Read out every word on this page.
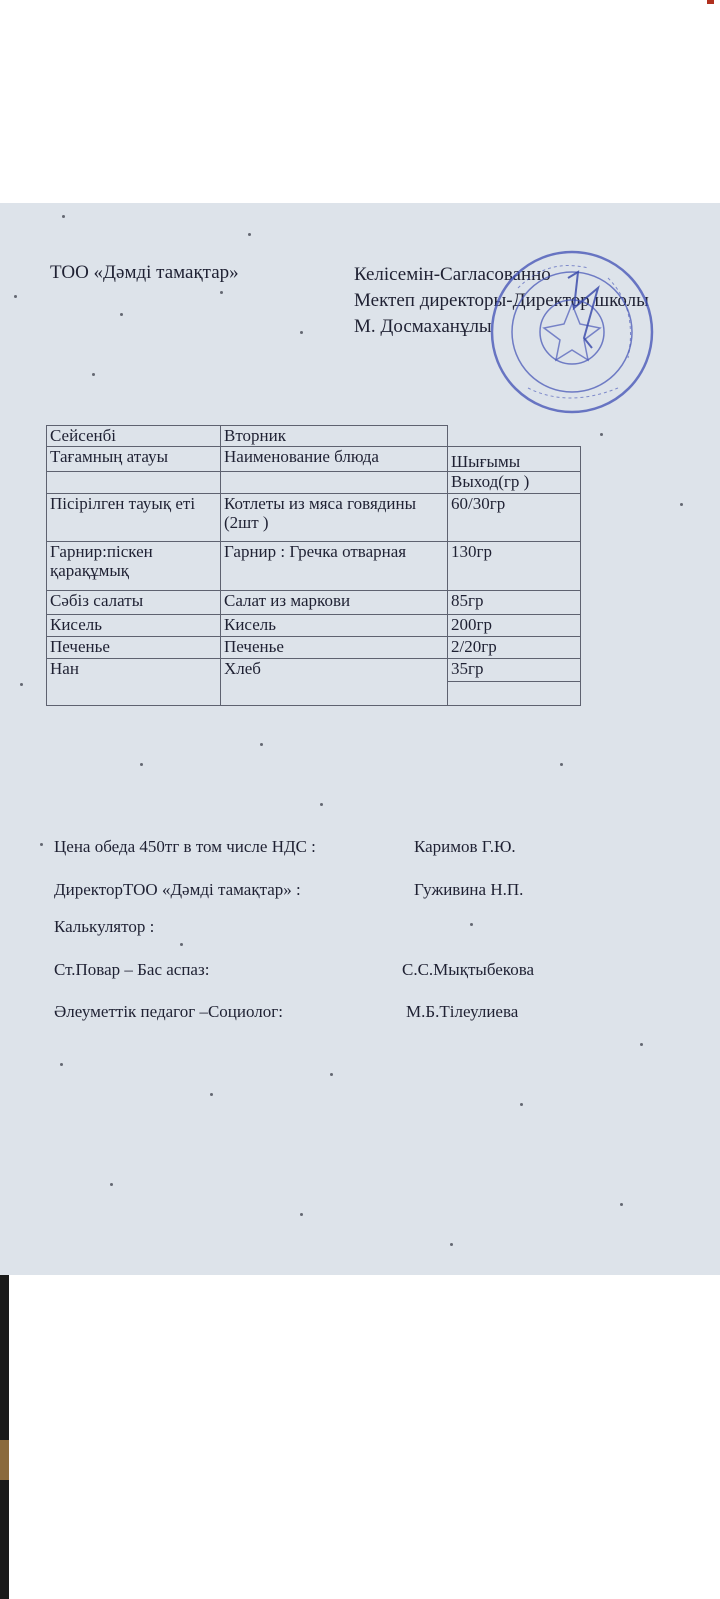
ТОО «Дәмді тамақтар»	Келісемін-Сагласованно
Мектеп директоры-Директор школы
М. Досмаханұлы
Сейсенбі	Вторник	
Тағамның атауы	Наименование блюда	Шығымы
		Выход(гр )
Пісірілген тауық еті	Котлеты из мяса говядины (2шт )	60/30гр
Гарнир:піскен қарақұмық	Гарнир : Гречка отварная	130гр
Сәбіз салаты	Салат из маркови	85гр
Кисель	Кисель	200гр
Печенье	Печенье	2/20гр
Нан	Хлеб	35гр

Цена обеда 450тг в том числе НДС :	Каримов Г.Ю.
ДиректорТОО «Дәмді тамақтар» :	Гуживина Н.П.
Калькулятор :
Ст.Повар – Бас аспаз:	С.С.Мықтыбекова
Әлеуметтік педагог –Социолог:	М.Б.Тілеулиева
